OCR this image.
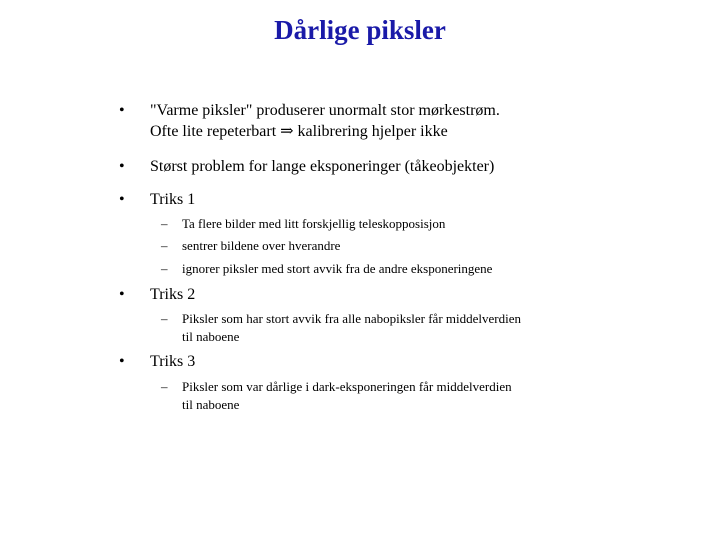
Dårlige piksler
• "Varme piksler" produserer unormalt stor mørkestrøm.
Ofte lite repeterbart ⇒ kalibrering hjelper ikke
• Størst problem for lange eksponeringer (tåkeobjekter)
• Triks 1
– Ta flere bilder med litt forskjellig teleskopposisjon
– sentrer bildene over hverandre
– ignorer piksler med stort avvik fra de andre eksponeringene
• Triks 2
– Piksler som har stort avvik fra alle nabopiksler får middelverdien
til naboene
• Triks 3
– Piksler som var dårlige i dark-eksponeringen får middelverdien
til naboene
